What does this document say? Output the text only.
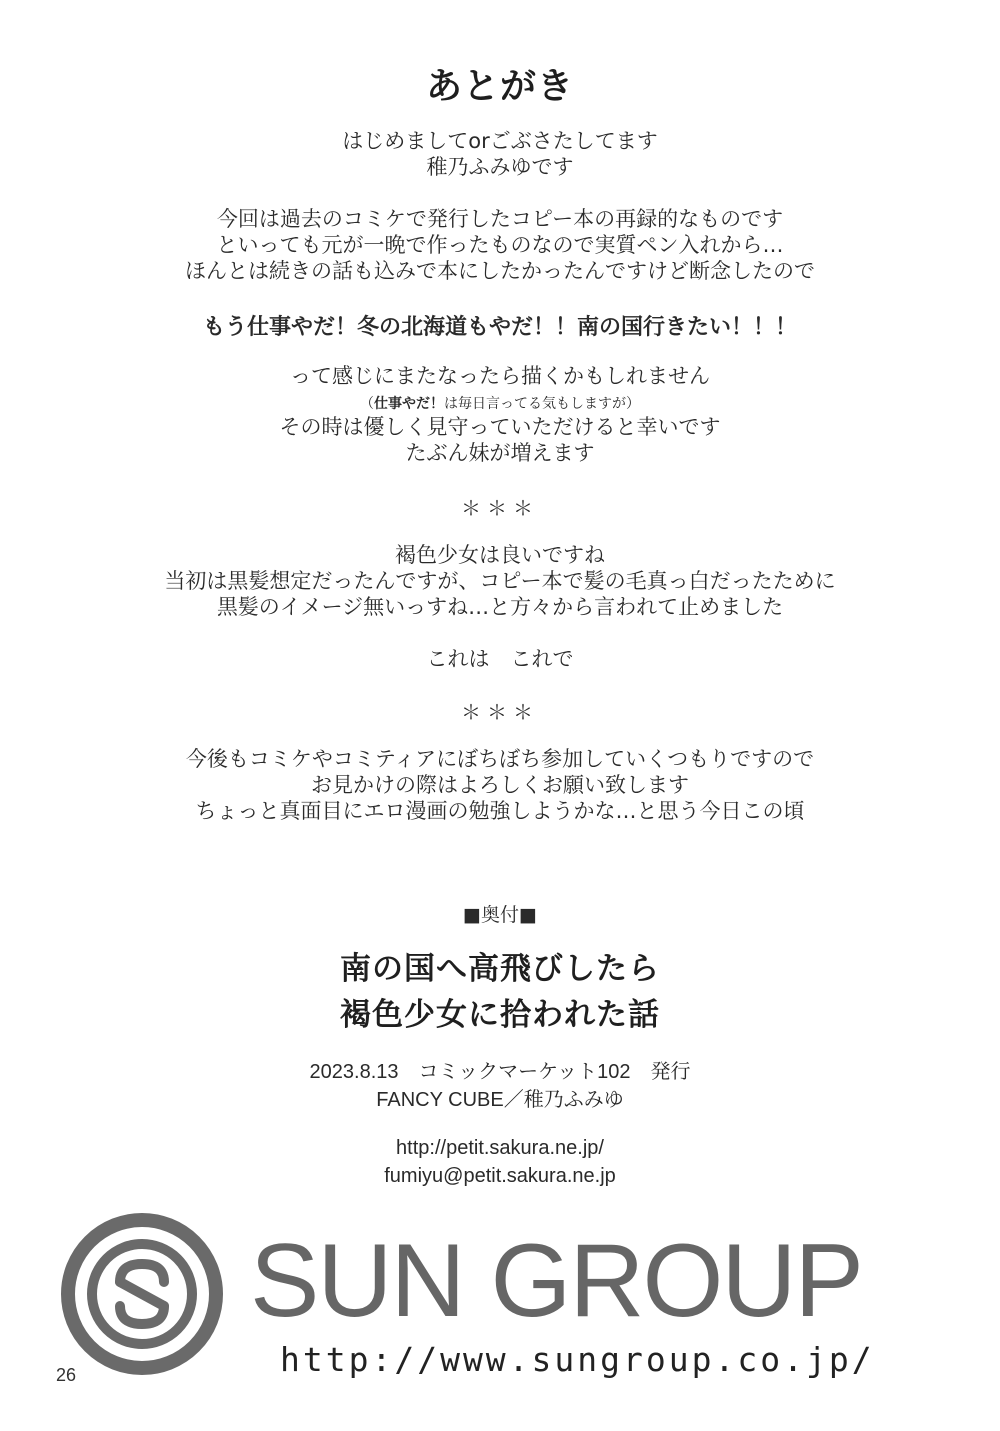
あとがき
はじめましてorごぶさたしてます
稚乃ふみゆです
今回は過去のコミケで発行したコピー本の再録的なものです
といっても元が一晩で作ったものなので実質ペン入れから…
ほんとは続きの話も込みで本にしたかったんですけど断念したので
もう仕事やだ！冬の北海道もやだ！！南の国行きたい！！！
って感じにまたなったら描くかもしれません
（仕事やだ！は毎日言ってる気もしますが）
その時は優しく見守っていただけると幸いです
たぶん妹が増えます
＊＊＊
褐色少女は良いですね
当初は黒髪想定だったんですが、コピー本で髪の毛真っ白だったために
黒髪のイメージ無いっすね…と方々から言われて止めました
これは　これで
＊＊＊
今後もコミケやコミティアにぼちぼち参加していくつもりですので
お見かけの際はよろしくお願い致します
ちょっと真面目にエロ漫画の勉強しようかな…と思う今日この頃
■奥付■
南の国へ高飛びしたら
褐色少女に拾われた話
2023.8.13　コミックマーケット102　発行
FANCY CUBE／稚乃ふみゆ
http://petit.sakura.ne.jp/
fumiyu@petit.sakura.ne.jp
SUN GROUP
http://www.sungroup.co.jp/
26
